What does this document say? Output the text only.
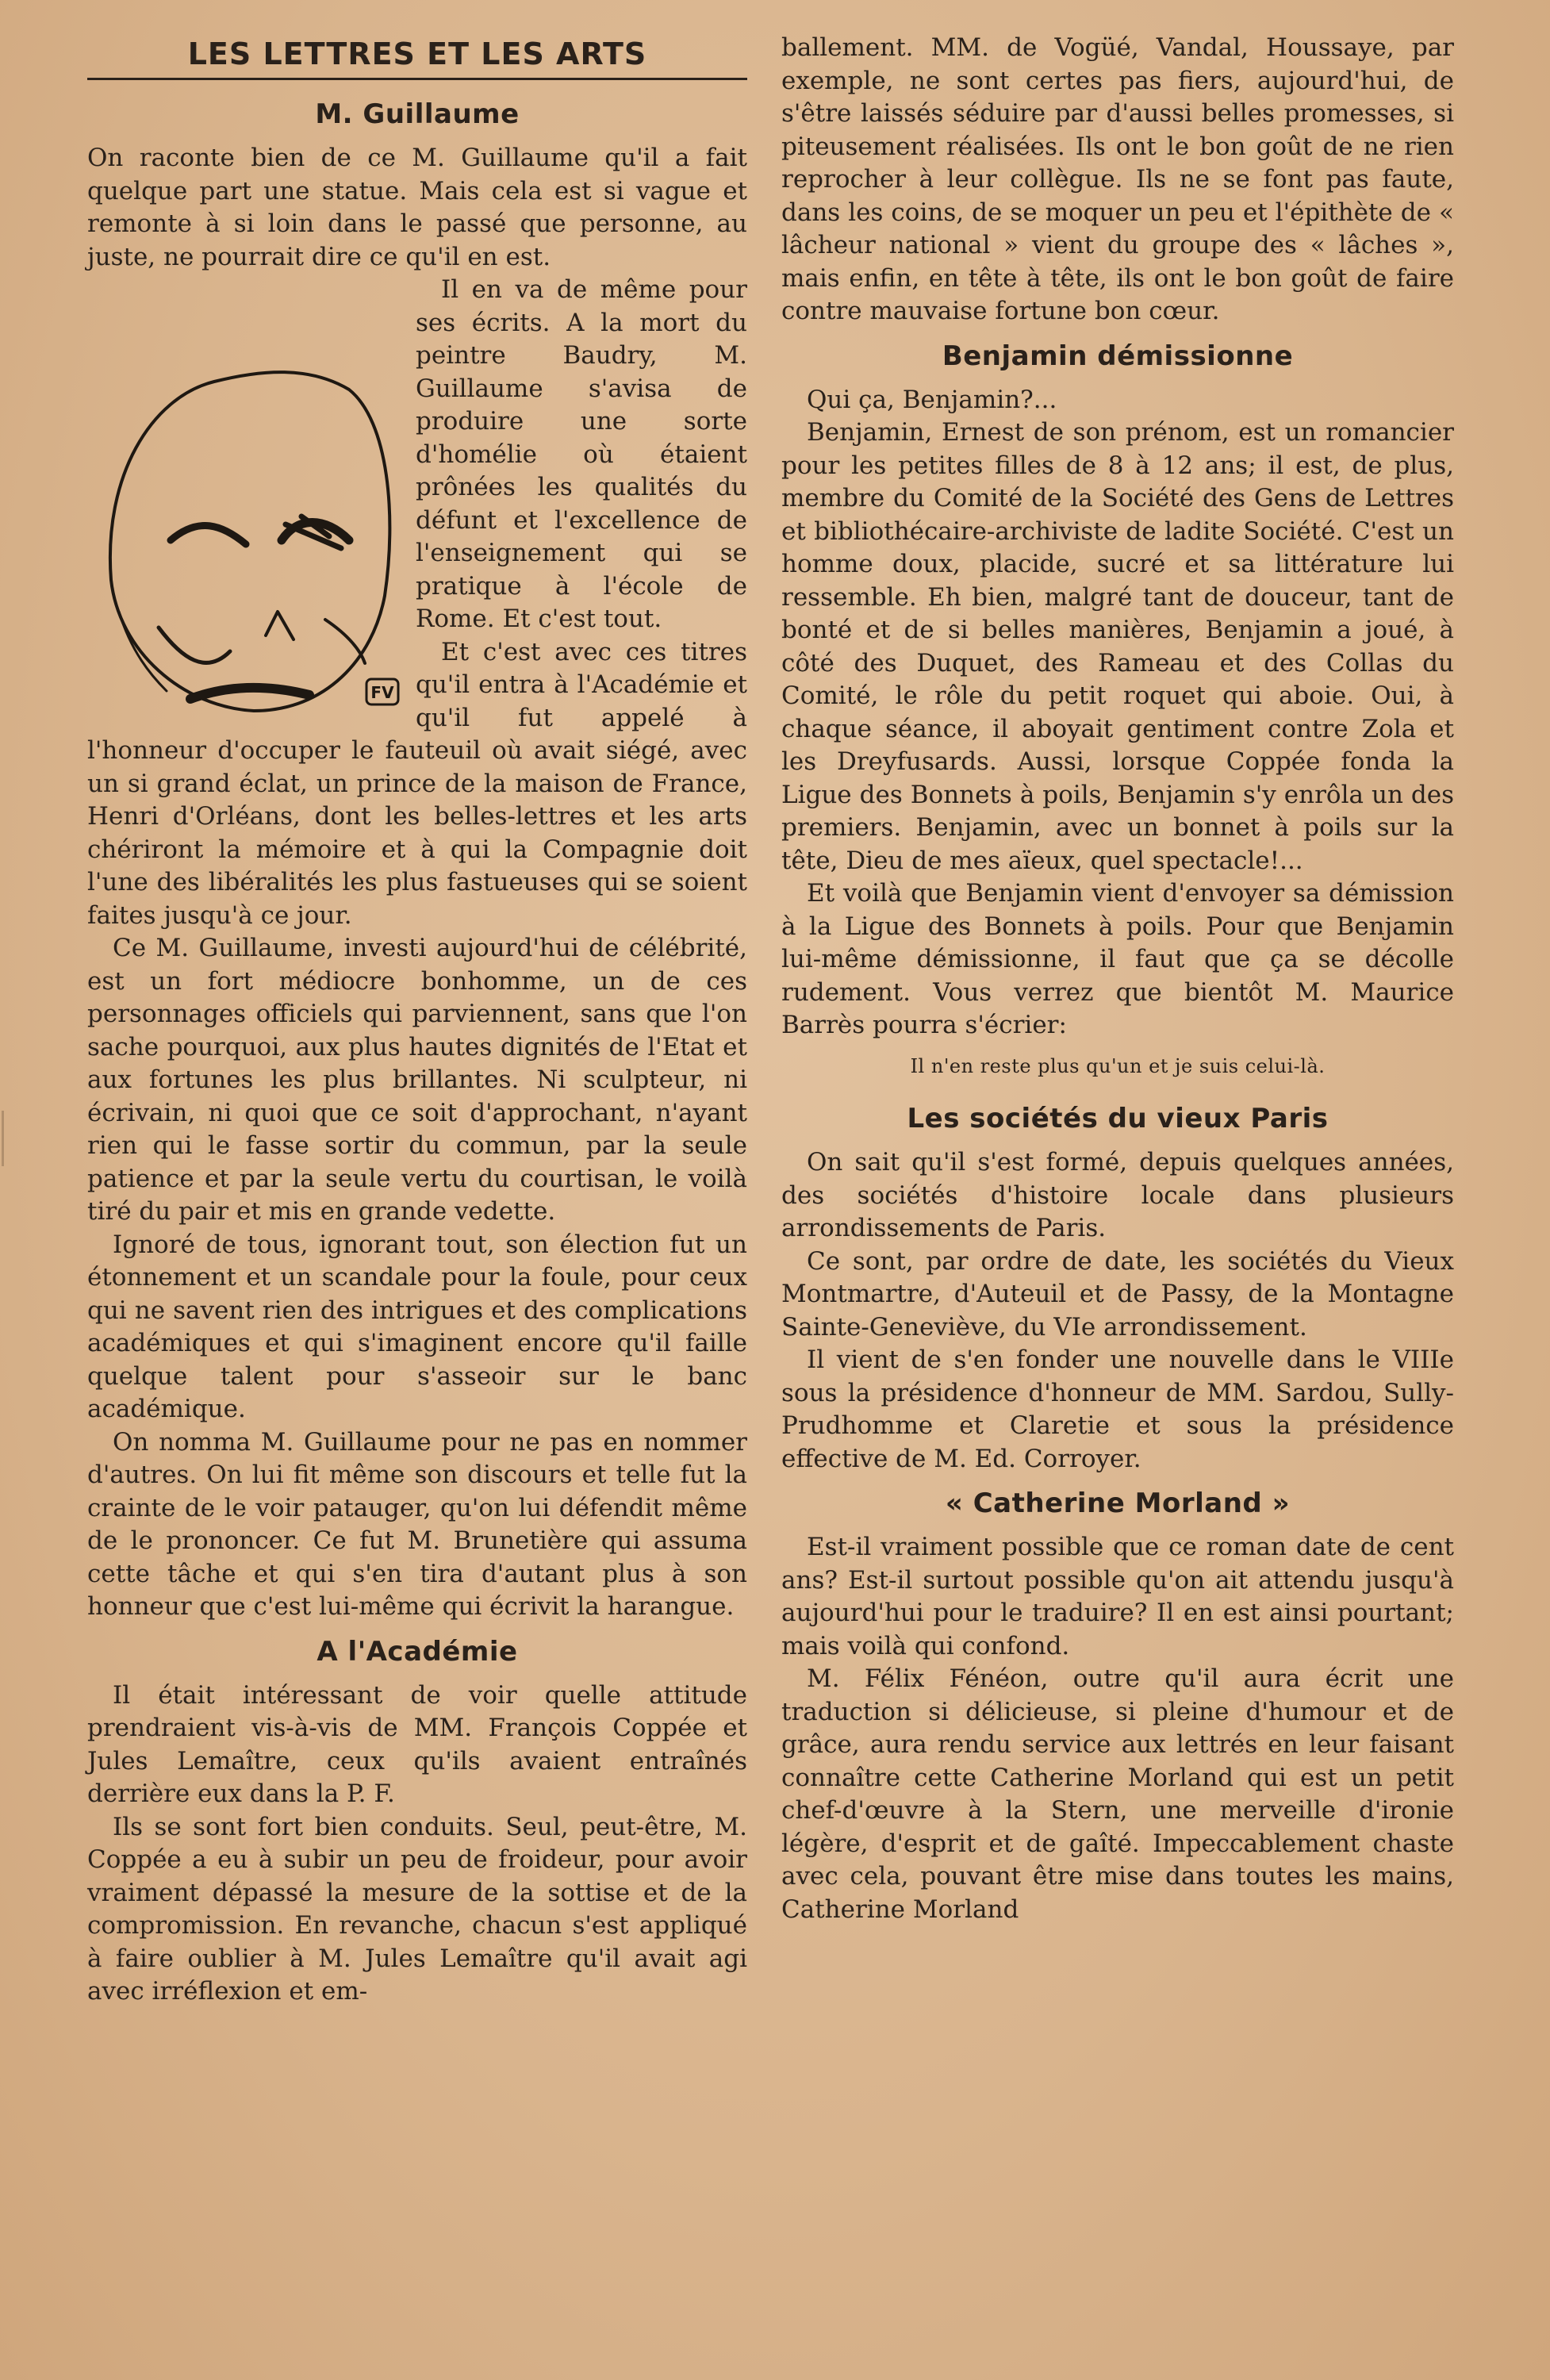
LES LETTRES ET LES ARTS
M. Guillaume

On raconte bien de ce M. Guillaume qu'il a fait quelque part une statue. Mais cela est si vague et remonte à si loin dans le passé que personne, au juste, ne pourrait dire ce qu'il en est.

FV

Il en va de même pour ses écrits. A la mort du peintre Baudry, M. Guillaume s'avisa de produire une sorte d'homélie où étaient prônées les qualités du défunt et l'excellence de l'enseignement qui se pratique à l'école de Rome. Et c'est tout.

Et c'est avec ces titres qu'il entra à l'Académie et qu'il fut appelé à l'honneur d'occuper le fauteuil où avait siégé, avec un si grand éclat, un prince de la maison de France, Henri d'Orléans, dont les belles-lettres et les arts chériront la mémoire et à qui la Compagnie doit l'une des libéralités les plus fastueuses qui se soient faites jusqu'à ce jour.

Ce M. Guillaume, investi aujourd'hui de célébrité, est un fort médiocre bonhomme, un de ces personnages officiels qui parviennent, sans que l'on sache pourquoi, aux plus hautes dignités de l'Etat et aux fortunes les plus brillantes. Ni sculpteur, ni écrivain, ni quoi que ce soit d'approchant, n'ayant rien qui le fasse sortir du commun, par la seule patience et par la seule vertu du courtisan, le voilà tiré du pair et mis en grande vedette.

Ignoré de tous, ignorant tout, son élection fut un étonnement et un scandale pour la foule, pour ceux qui ne savent rien des intrigues et des complications académiques et qui s'imaginent encore qu'il faille quelque talent pour s'asseoir sur le banc académique.

On nomma M. Guillaume pour ne pas en nommer d'autres. On lui fit même son discours et telle fut la crainte de le voir patauger, qu'on lui défendit même de le prononcer. Ce fut M. Brunetière qui assuma cette tâche et qui s'en tira d'autant plus à son honneur que c'est lui-même qui écrivit la harangue.

A l'Académie

Il était intéressant de voir quelle attitude prendraient vis-à-vis de MM. François Coppée et Jules Lemaître, ceux qu'ils avaient entraînés derrière eux dans la P. F.

Ils se sont fort bien conduits. Seul, peut-être, M. Coppée a eu à subir un peu de froideur, pour avoir vraiment dépassé la mesure de la sottise et de la compromission. En revanche, chacun s'est appliqué à faire oublier à M. Jules Lemaître qu'il avait agi avec irréflexion et em-

ballement. MM. de Vogüé, Vandal, Houssaye, par exemple, ne sont certes pas fiers, aujourd'hui, de s'être laissés séduire par d'aussi belles promesses, si piteusement réalisées. Ils ont le bon goût de ne rien reprocher à leur collègue. Ils ne se font pas faute, dans les coins, de se moquer un peu et l'épithète de « lâcheur national » vient du groupe des « lâches », mais enfin, en tête à tête, ils ont le bon goût de faire contre mauvaise fortune bon cœur.

Benjamin démissionne

Qui ça, Benjamin?...

Benjamin, Ernest de son prénom, est un romancier pour les petites filles de 8 à 12 ans; il est, de plus, membre du Comité de la Société des Gens de Lettres et bibliothécaire-archiviste de ladite Société. C'est un homme doux, placide, sucré et sa littérature lui ressemble. Eh bien, malgré tant de douceur, tant de bonté et de si belles manières, Benjamin a joué, à côté des Duquet, des Rameau et des Collas du Comité, le rôle du petit roquet qui aboie. Oui, à chaque séance, il aboyait gentiment contre Zola et les Dreyfusards. Aussi, lorsque Coppée fonda la Ligue des Bonnets à poils, Benjamin s'y enrôla un des premiers. Benjamin, avec un bonnet à poils sur la tête, Dieu de mes aïeux, quel spectacle!...

Et voilà que Benjamin vient d'envoyer sa démission à la Ligue des Bonnets à poils. Pour que Benjamin lui-même démissionne, il faut que ça se décolle rudement. Vous verrez que bientôt M. Maurice Barrès pourra s'écrier:

Il n'en reste plus qu'un et je suis celui-là.

Les sociétés du vieux Paris

On sait qu'il s'est formé, depuis quelques années, des sociétés d'histoire locale dans plusieurs arrondissements de Paris.

Ce sont, par ordre de date, les sociétés du Vieux Montmartre, d'Auteuil et de Passy, de la Montagne Sainte-Geneviève, du VIe arrondissement.

Il vient de s'en fonder une nouvelle dans le VIIIe sous la présidence d'honneur de MM. Sardou, Sully-Prudhomme et Claretie et sous la présidence effective de M. Ed. Corroyer.

« Catherine Morland »

Est-il vraiment possible que ce roman date de cent ans? Est-il surtout possible qu'on ait attendu jusqu'à aujourd'hui pour le traduire? Il en est ainsi pourtant; mais voilà qui confond.

M. Félix Fénéon, outre qu'il aura écrit une traduction si délicieuse, si pleine d'humour et de grâce, aura rendu service aux lettrés en leur faisant connaître cette Catherine Morland qui est un petit chef-d'œuvre à la Stern, une merveille d'ironie légère, d'esprit et de gaîté. Impeccablement chaste avec cela, pouvant être mise dans toutes les mains, Catherine Morland
